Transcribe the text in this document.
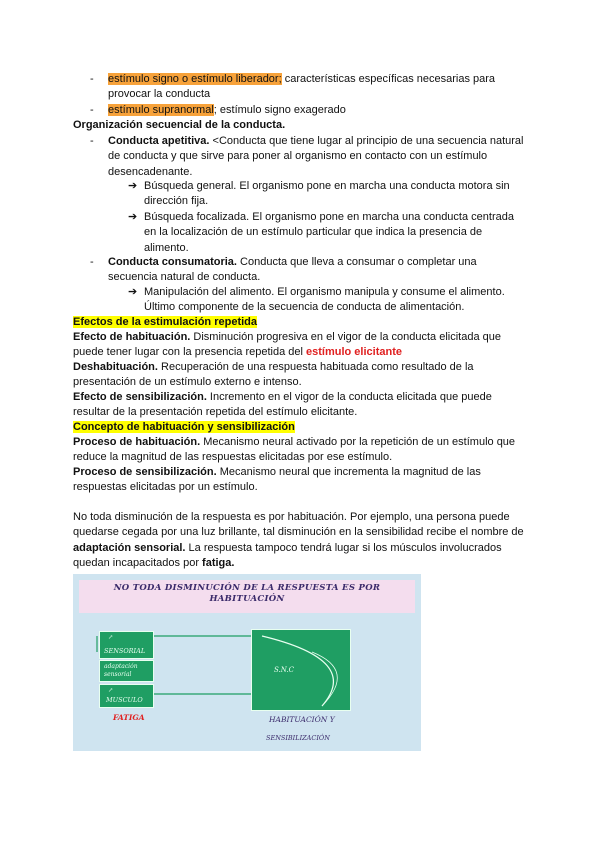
- estímulo signo o estímulo liberador; características específicas necesarias para
provocar la conducta
- estímulo supranormal; estímulo signo exagerado
Organización secuencial de la conducta.
- Conducta apetitiva. <Conducta que tiene lugar al principio de una secuencia natural
de conducta y que sirve para poner al organismo en contacto con un estímulo
desencadenante.
➔ Búsqueda general. El organismo pone en marcha una conducta motora sin
dirección fija.
➔ Búsqueda focalizada. El organismo pone en marcha una conducta centrada
en la localización de un estímulo particular que indica la presencia de
alimento.
- Conducta consumatoria. Conducta que lleva a consumar o completar una
secuencia natural de conducta.
➔ Manipulación del alimento. El organismo manipula y consume el alimento.
Último componente de la secuencia de conducta de alimentación.
Efectos de la estimulación repetida
Efecto de habituación. Disminución progresiva en el vigor de la conducta elicitada que
puede tener lugar con la presencia repetida del estímulo elicitante
Deshabituación. Recuperación de una respuesta habituada como resultado de la
presentación de un estímulo externo e intenso.
Efecto de sensibilización. Incremento en el vigor de la conducta elicitada que puede
resultar de la presentación repetida del estímulo elicitante.
Concepto de habituación y sensibilización
Proceso de habituación. Mecanismo neural activado por la repetición de un estímulo que
reduce la magnitud de las respuestas elicitadas por ese estímulo.
Proceso de sensibilización. Mecanismo neural que incrementa la magnitud de las
respuestas elicitadas por un estímulo.
No toda disminución de la respuesta es por habituación. Por ejemplo, una persona puede
quedarse cegada por una luz brillante, tal disminución en la sensibilidad recibe el nombre de
adaptación sensorial. La respuesta tampoco tendrá lugar si los músculos involucrados
quedan incapacitados por fatiga.
NO TODA DISMINUCIÓN DE LA RESPUESTA ES POR
HABITUACIÓN
↗
SENSORIAL
adaptación
sensorial
↗
MUSCULO
FATIGA
S.N.C
HABITUACIÓN Y
SENSIBILIZACIÓN
